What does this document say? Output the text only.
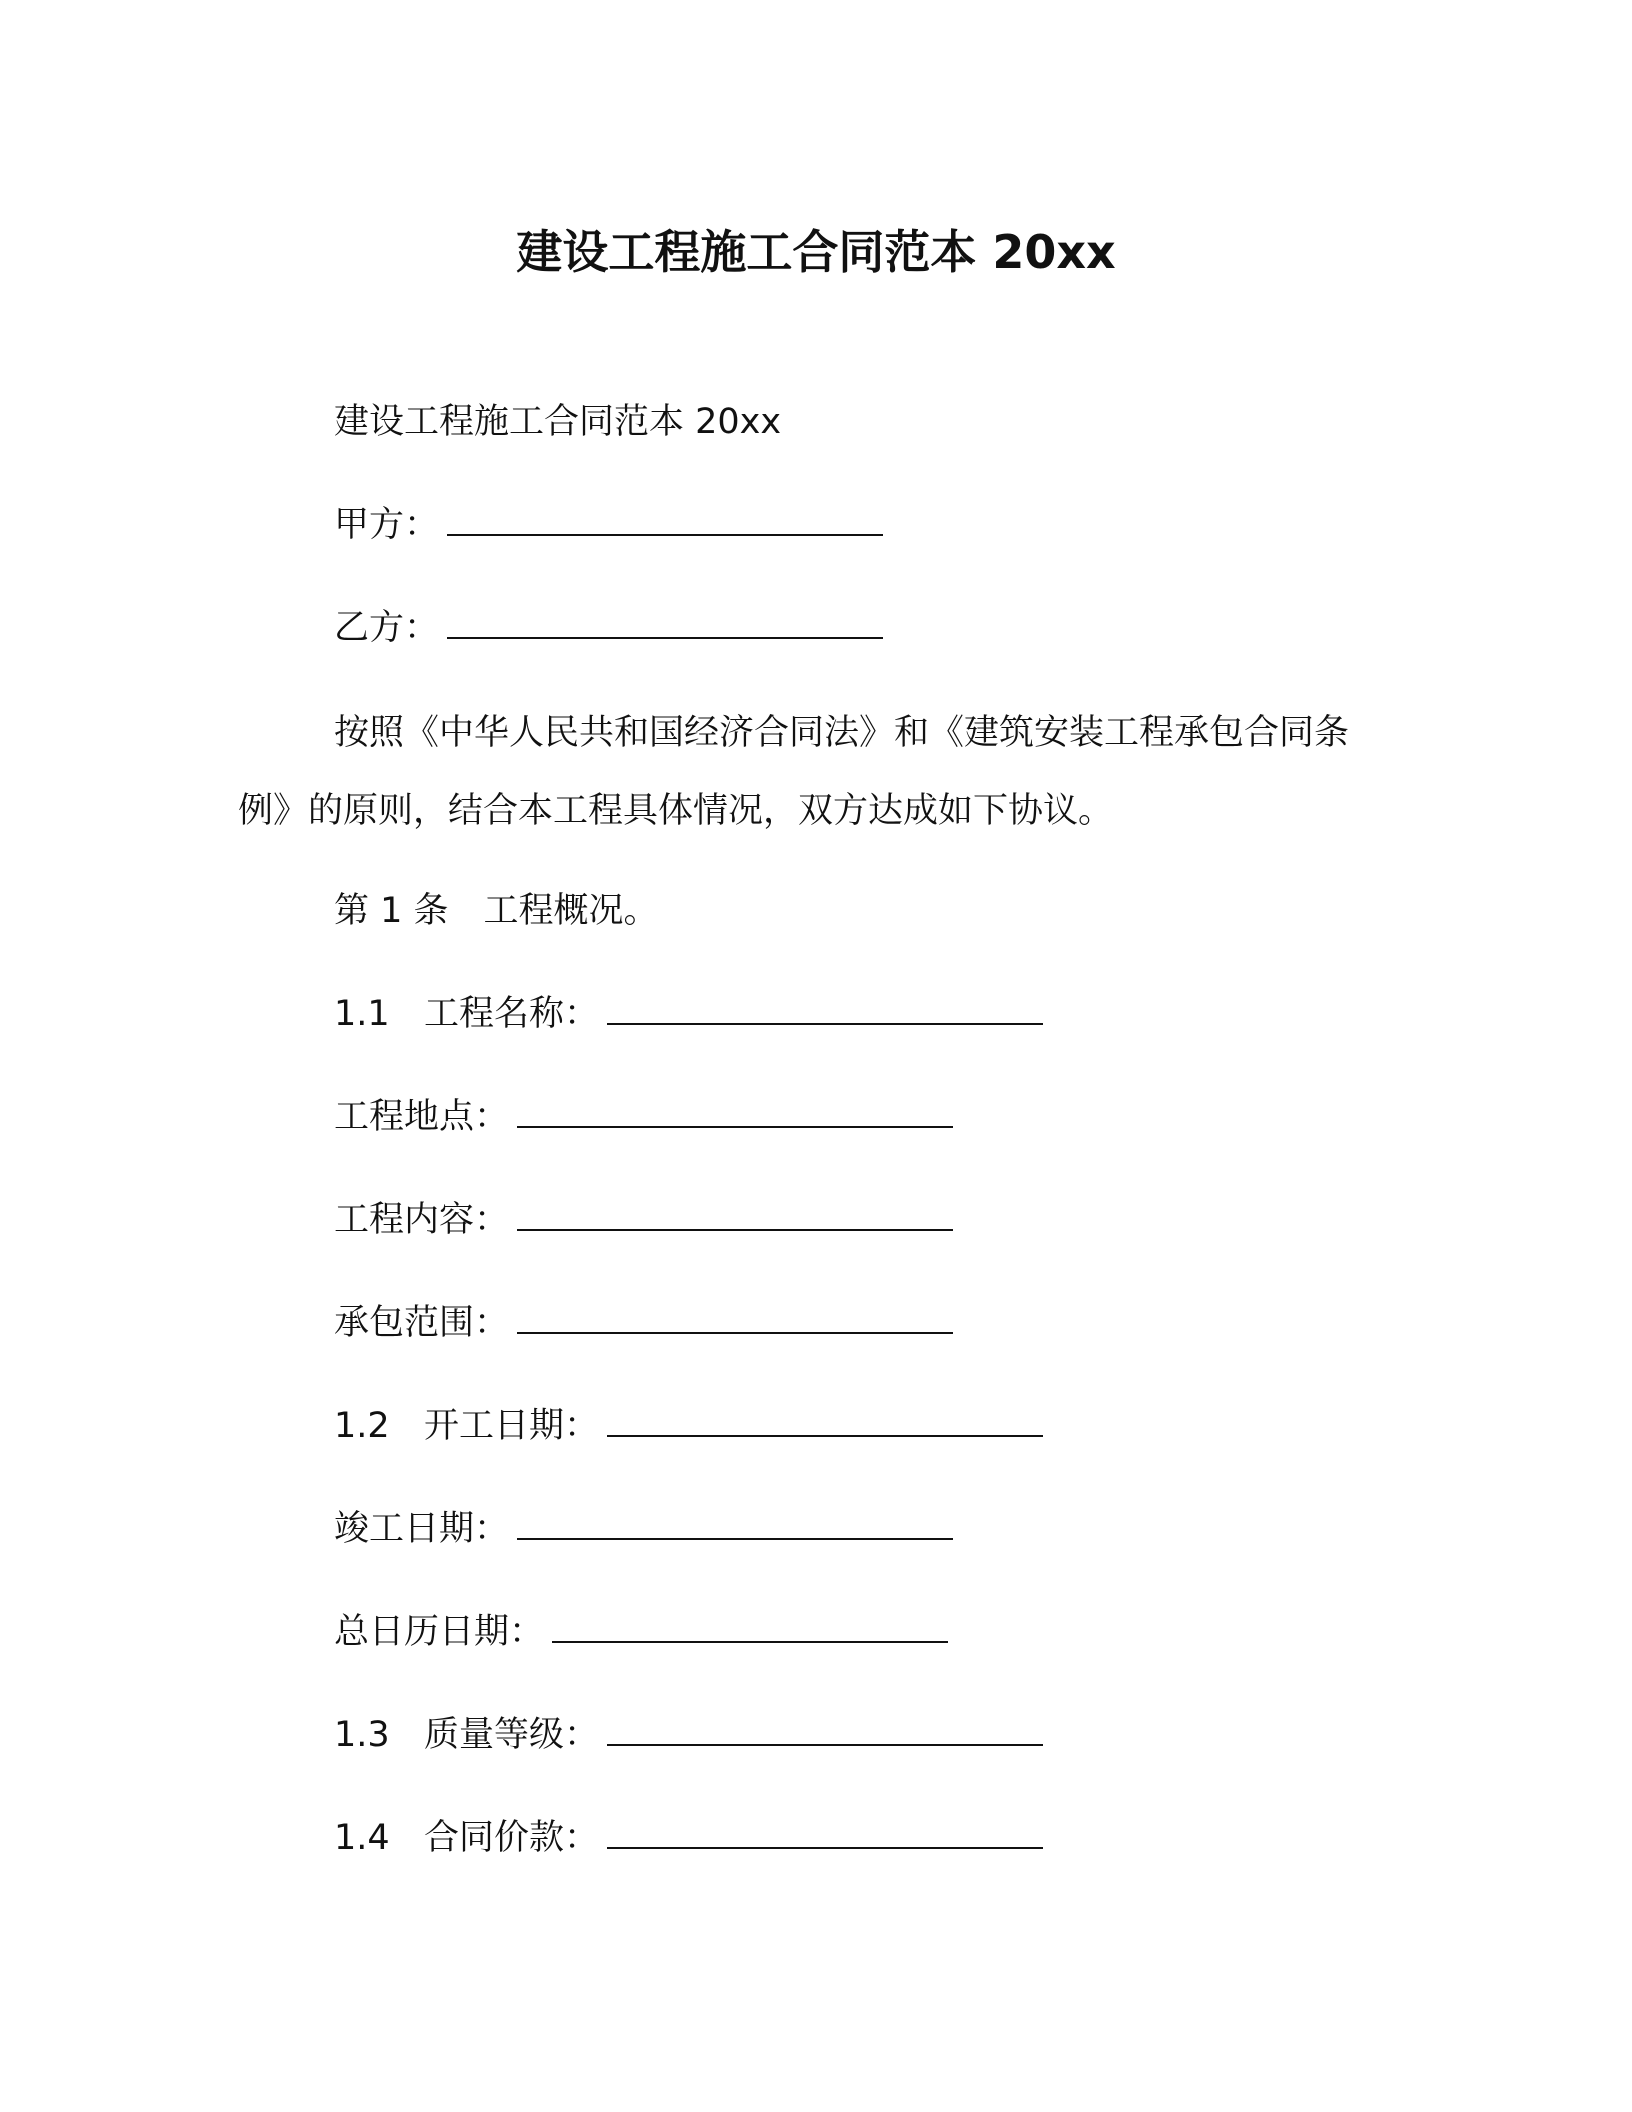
建设工程施工合同范本 20xx

建设工程施工合同范本 20xx

甲方：

乙方：

按照《中华人民共和国经济合同法》和《建筑安装工程承包合同条例》的原则，结合本工程具体情况，双方达成如下协议。

第 1 条　工程概况。

1.1 工程名称：

工程地点：

工程内容：

承包范围：

1.2 开工日期：

竣工日期：

总日历日期：

1.3 质量等级：

1.4 合同价款：
